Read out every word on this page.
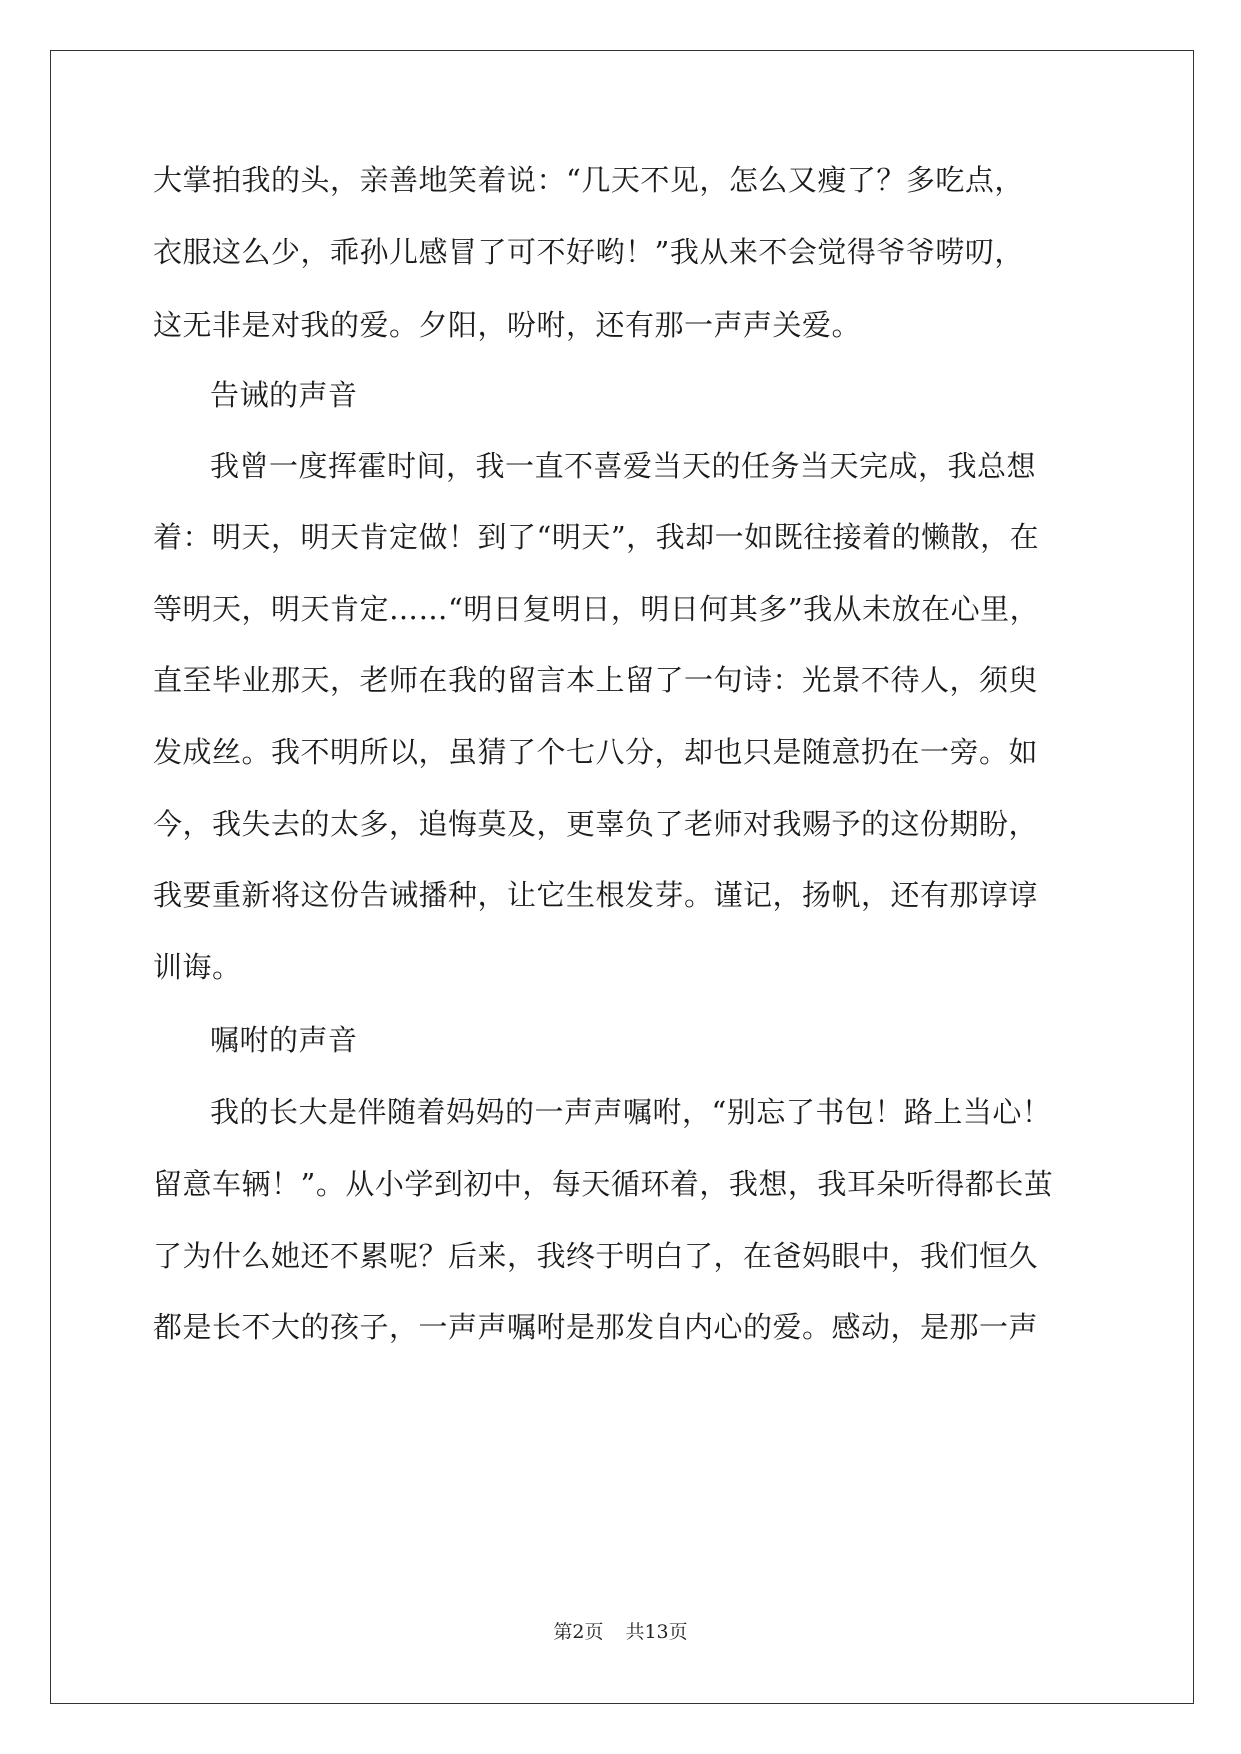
大掌拍我的头，亲善地笑着说：“几天不见，怎么又瘦了？多吃点，
衣服这么少，乖孙儿感冒了可不好哟！”我从来不会觉得爷爷唠叨，
这无非是对我的爱。夕阳，吩咐，还有那一声声关爱。
告诫的声音
我曾一度挥霍时间，我一直不喜爱当天的任务当天完成，我总想
着：明天，明天肯定做！到了“明天”，我却一如既往接着的懒散，在
等明天，明天肯定……“明日复明日，明日何其多”我从未放在心里，
直至毕业那天，老师在我的留言本上留了一句诗：光景不待人，须臾
发成丝。我不明所以，虽猜了个七八分，却也只是随意扔在一旁。如
今，我失去的太多，追悔莫及，更辜负了老师对我赐予的这份期盼，
我要重新将这份告诫播种，让它生根发芽。谨记，扬帆，还有那谆谆
训诲。
嘱咐的声音
我的长大是伴随着妈妈的一声声嘱咐，“别忘了书包！路上当心！
留意车辆！”。从小学到初中，每天循环着，我想，我耳朵听得都长茧
了为什么她还不累呢？后来，我终于明白了，在爸妈眼中，我们恒久
都是长不大的孩子，一声声嘱咐是那发自内心的爱。感动，是那一声
第2页 共13页
